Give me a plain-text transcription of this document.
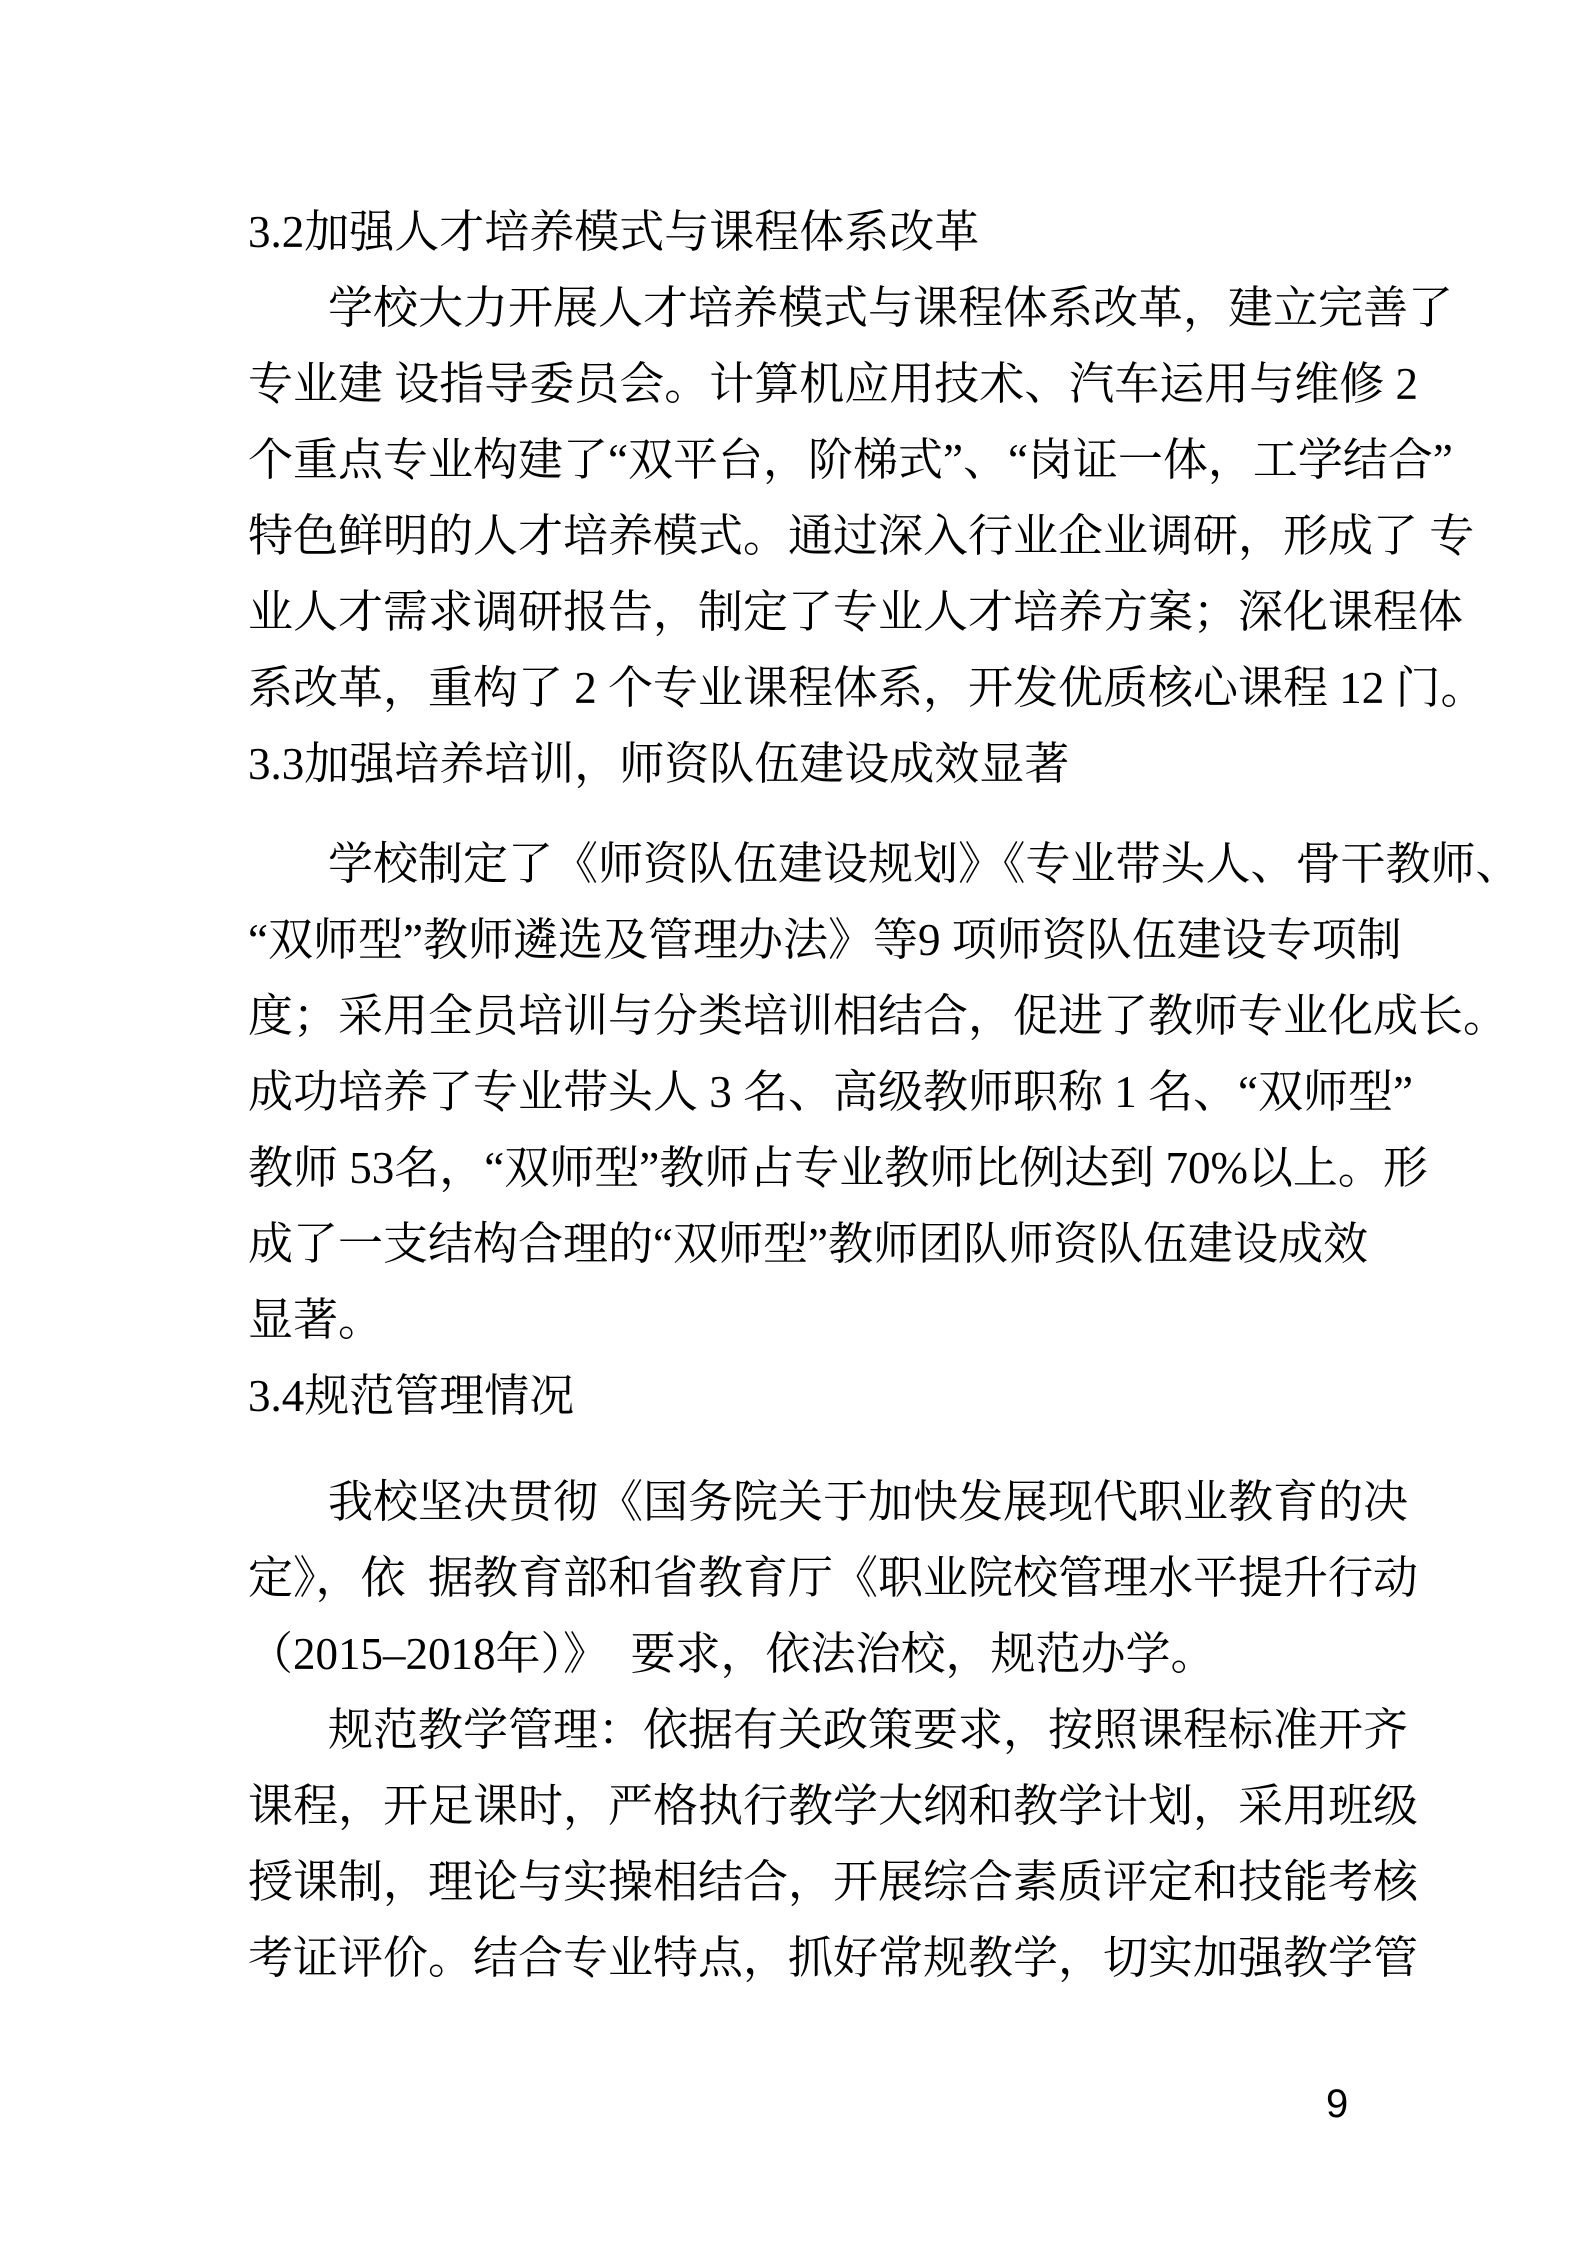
3.2加强人才培养模式与课程体系改革
学校大力开展人才培养模式与课程体系改革，建立完善了
专业建 设指导委员会。计算机应用技术、汽车运用与维修 2
个重点专业构建了“双平台，阶梯式”、“岗证一体，工学结合”
特色鲜明的人才培养模式。通过深入行业企业调研，形成了 专
业人才需求调研报告，制定了专业人才培养方案；深化课程体
系改革，重构了 2 个专业课程体系，开发优质核心课程 12 门。
3.3加强培养培训，师资队伍建设成效显著
学校制定了《师资队伍建设规划》《专业带头人、骨干教师、
“双师型”教师遴选及管理办法》等9 项师资队伍建设专项制
度；采用全员培训与分类培训相结合，促进了教师专业化成长。
成功培养了专业带头人 3 名、高级教师职称 1 名、“双师型”
教师 53名，“双师型”教师占专业教师比例达到 70%以上。形
成了一支结构合理的“双师型”教师团队师资队伍建设成效
显著。
3.4规范管理情况
我校坚决贯彻《国务院关于加快发展现代职业教育的决
定》，依  据教育部和省教育厅《职业院校管理水平提升行动
（2015–2018年）》  要求，依法治校，规范办学。
规范教学管理：依据有关政策要求，按照课程标准开齐
课程，开足课时，严格执行教学大纲和教学计划，采用班级
授课制，理论与实操相结合，开展综合素质评定和技能考核
考证评价。结合专业特点，抓好常规教学，切实加强教学管
9
